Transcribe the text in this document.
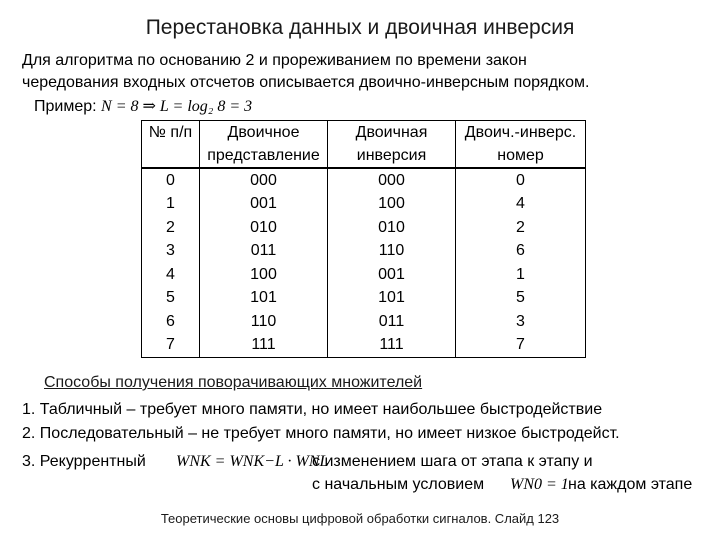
Перестановка данных и двоичная инверсия
Для алгоритма по основанию 2 и прореживанием по времени закон
чередования входных отсчетов описывается двоично-инверсным порядком.
Пример: N = 8 ⇒ L = log₂ 8 = 3
№ п/п	Двоичное	Двоичная	Двоич.-инверс.
	представление	инверсия	номер
0	000	000	0
1	001	100	4
2	010	010	2
3	011	110	6
4	100	001	1
5	101	101	5
6	110	011	3
7	111	111	7
Способы получения поворачивающих множителей
1. Табличный – требует много памяти, но имеет наибольшее быстродействие
2. Последовательный – не требует много памяти, но имеет низкое быстродейст.
3. Рекуррентный WNK = WNK−L · WNL
с изменением шага от этапа к этапу и
с начальным условием WN0 = 1 на каждом этапе
Теоретические основы цифровой обработки сигналов. Слайд 123
